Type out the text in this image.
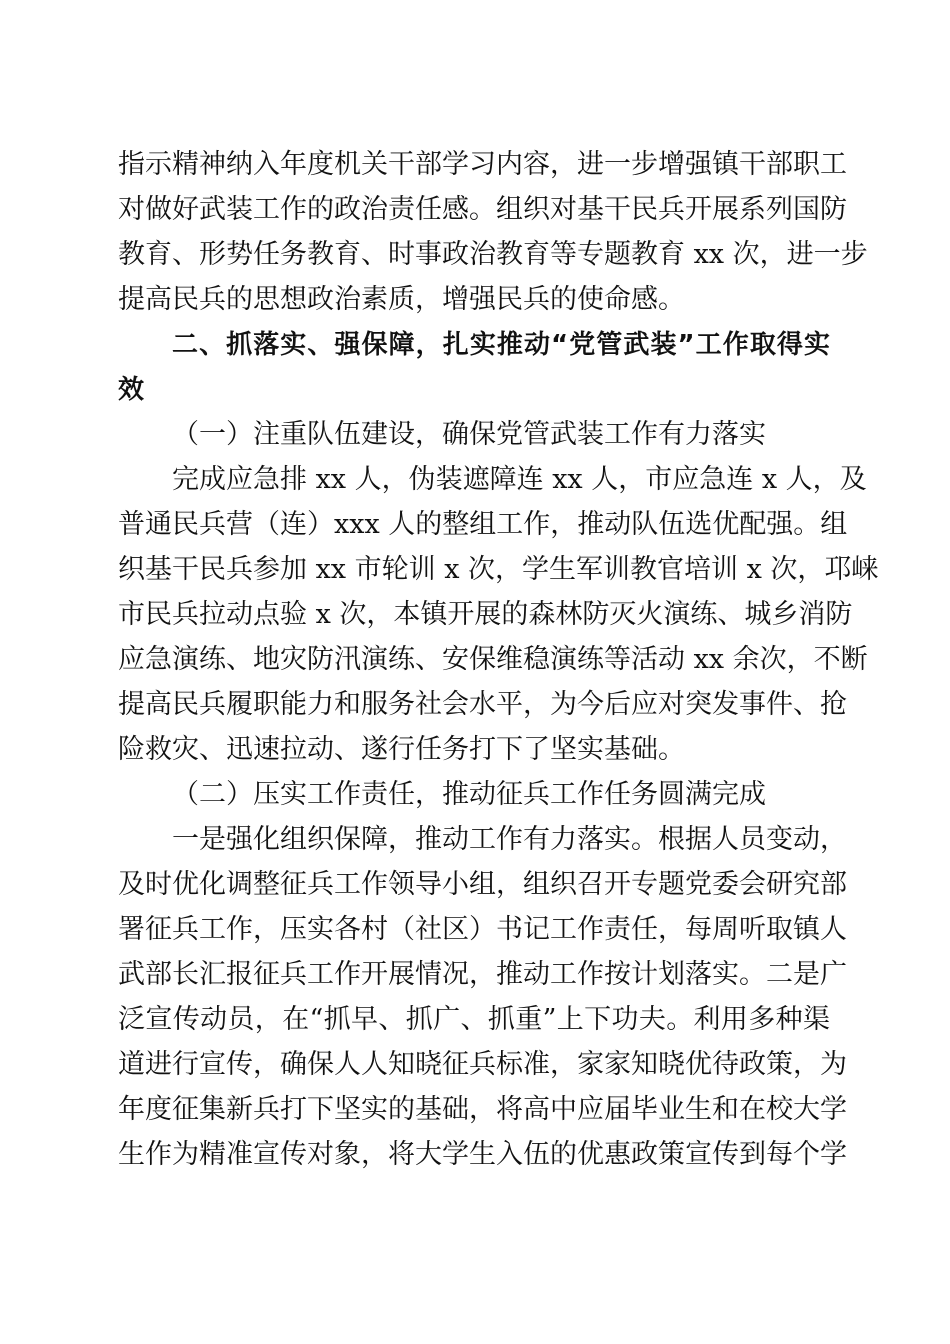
指示精神纳入年度机关干部学习内容，进一步增强镇干部职工
对做好武装工作的政治责任感。组织对基干民兵开展系列国防
教育、形势任务教育、时事政治教育等专题教育 xx 次，进一步
提高民兵的思想政治素质，增强民兵的使命感。
二、抓落实、强保障，扎实推动“党管武装”工作取得实
效
（一）注重队伍建设，确保党管武装工作有力落实
完成应急排 xx 人，伪装遮障连 xx 人，市应急连 x 人，及
普通民兵营（连）xxx 人的整组工作，推动队伍选优配强。组
织基干民兵参加 xx 市轮训 x 次，学生军训教官培训 x 次，邛崃
市民兵拉动点验 x 次，本镇开展的森林防灭火演练、城乡消防
应急演练、地灾防汛演练、安保维稳演练等活动 xx 余次，不断
提高民兵履职能力和服务社会水平，为今后应对突发事件、抢
险救灾、迅速拉动、遂行任务打下了坚实基础。
（二）压实工作责任，推动征兵工作任务圆满完成
一是强化组织保障，推动工作有力落实。根据人员变动，
及时优化调整征兵工作领导小组，组织召开专题党委会研究部
署征兵工作，压实各村（社区）书记工作责任，每周听取镇人
武部长汇报征兵工作开展情况，推动工作按计划落实。二是广
泛宣传动员，在“抓早、抓广、抓重”上下功夫。利用多种渠
道进行宣传，确保人人知晓征兵标准，家家知晓优待政策，为
年度征集新兵打下坚实的基础，将高中应届毕业生和在校大学
生作为精准宣传对象，将大学生入伍的优惠政策宣传到每个学
